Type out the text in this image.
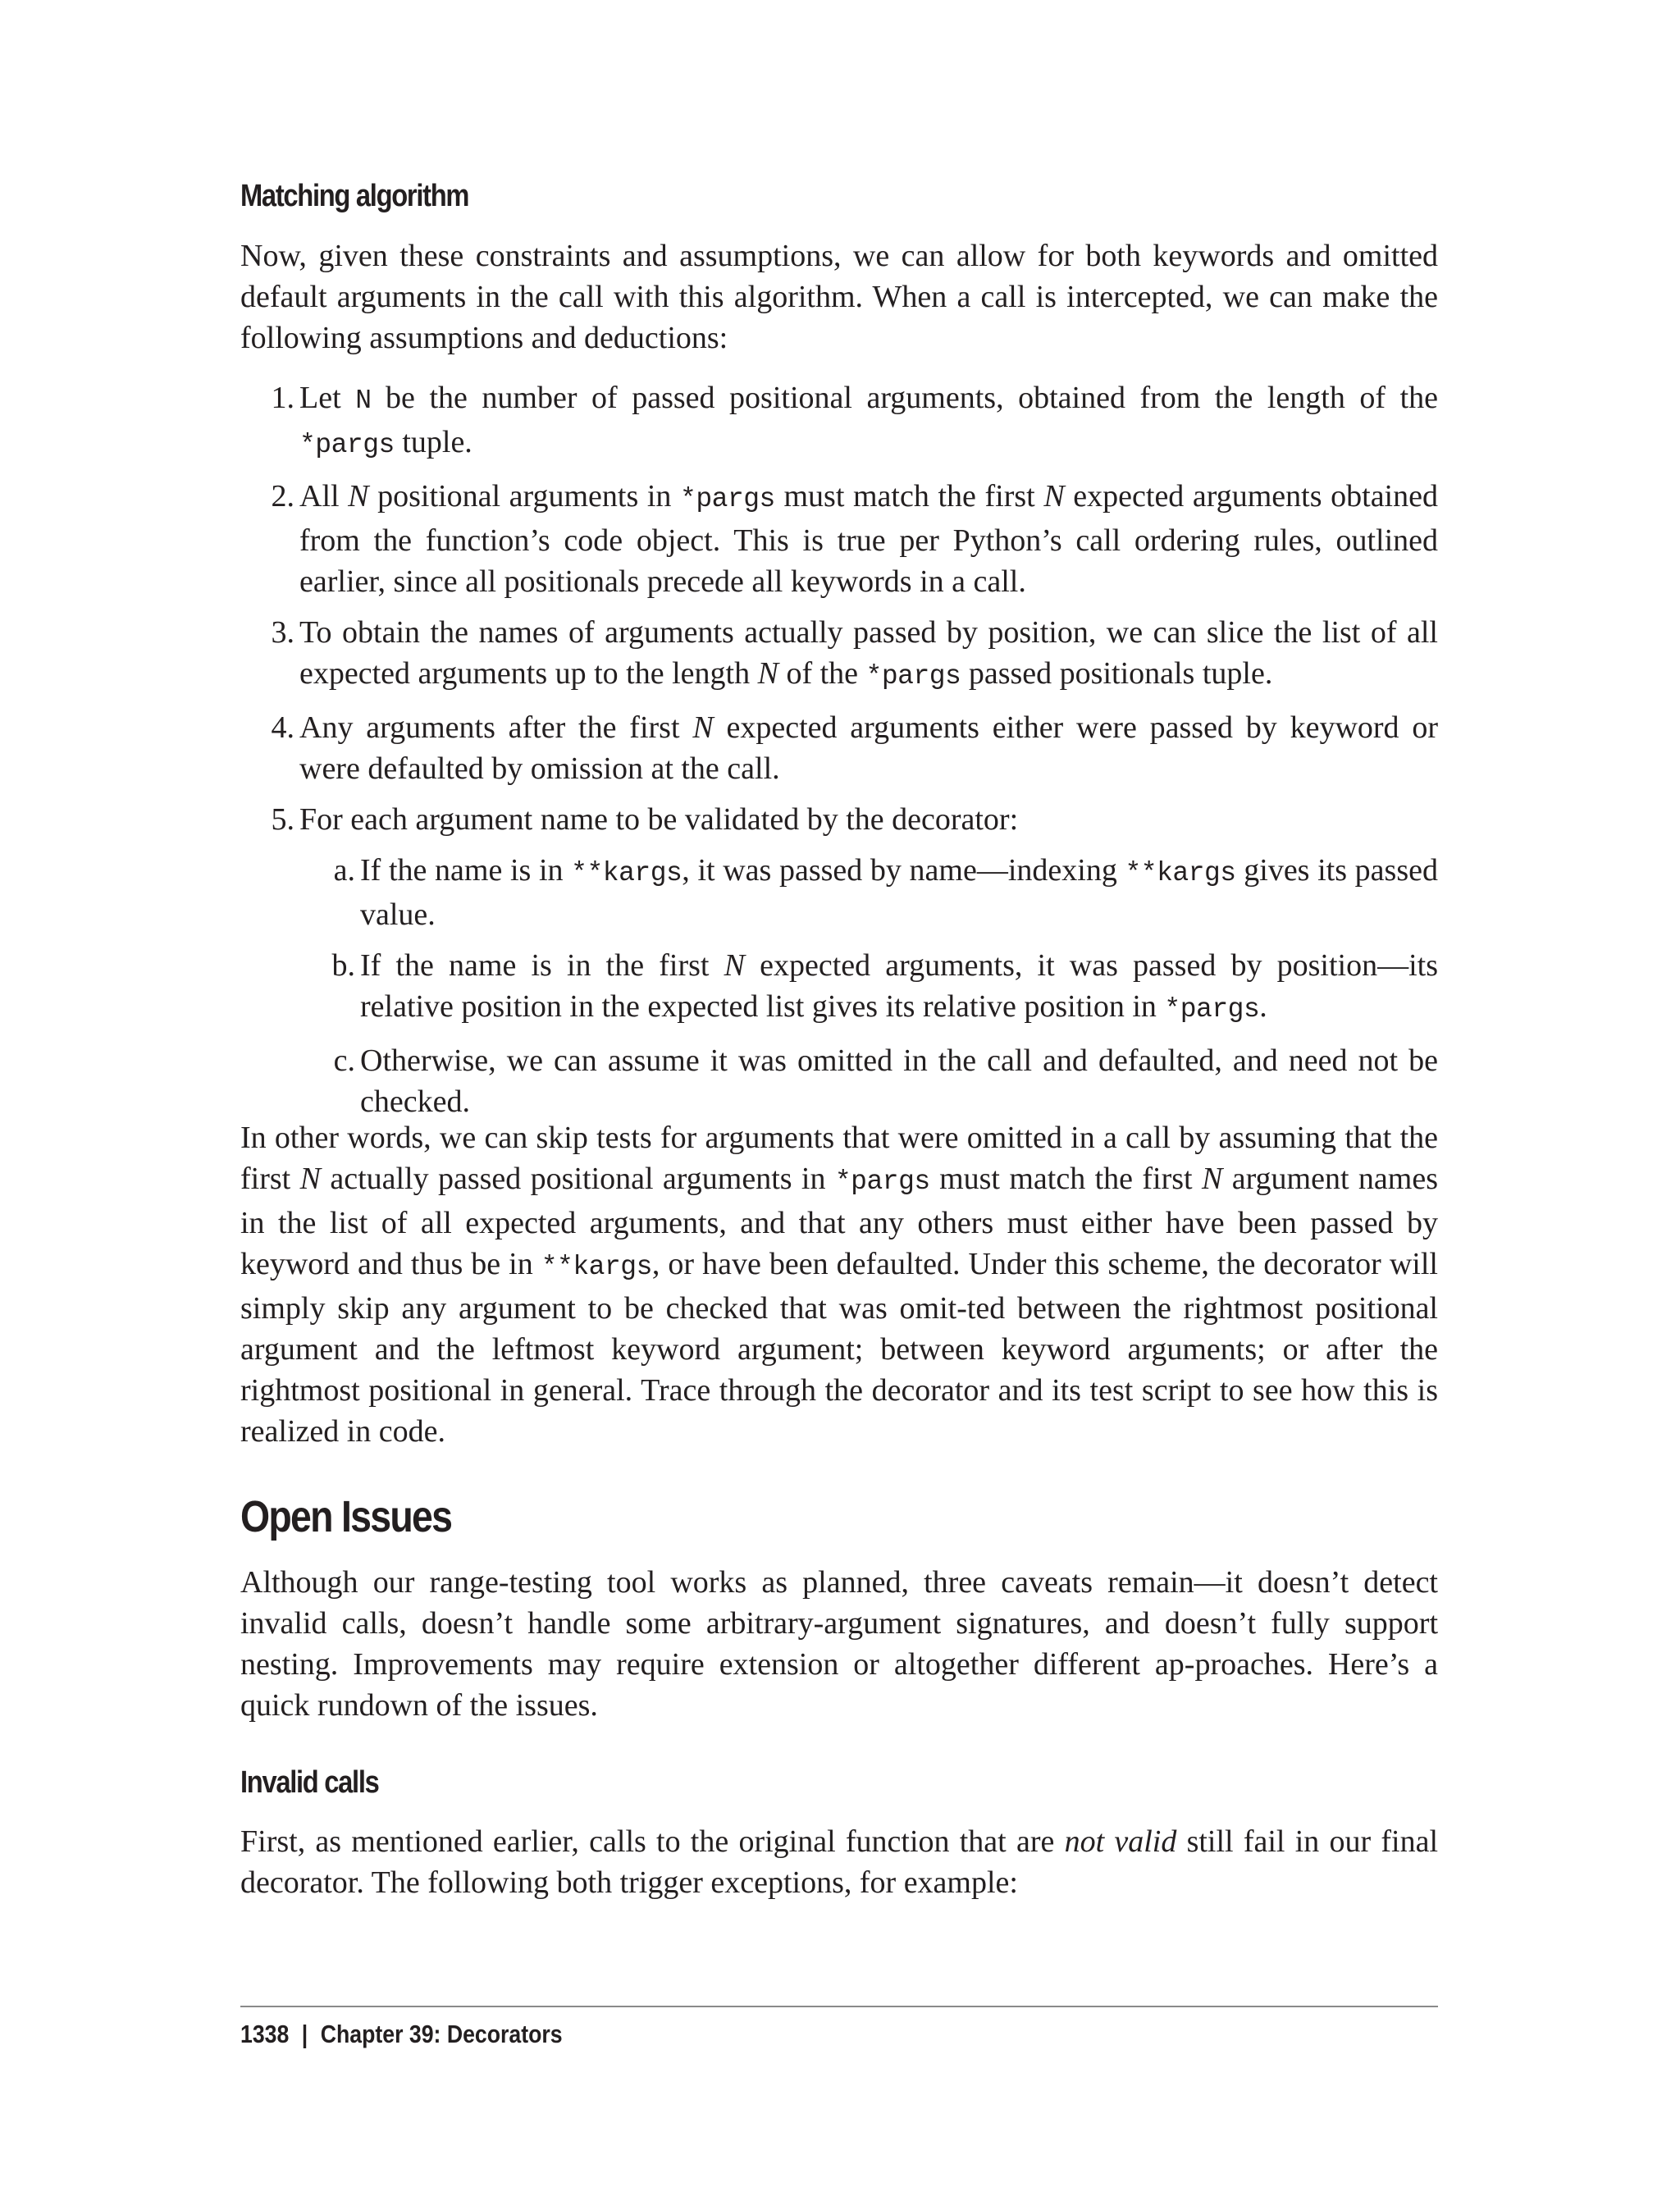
Matching algorithm
Now, given these constraints and assumptions, we can allow for both keywords and omitted default arguments in the call with this algorithm. When a call is intercepted, we can make the following assumptions and deductions:
1. Let N be the number of passed positional arguments, obtained from the length of the *pargs tuple.
2. All N positional arguments in *pargs must match the first N expected arguments obtained from the function’s code object. This is true per Python’s call ordering rules, outlined earlier, since all positionals precede all keywords in a call.
3. To obtain the names of arguments actually passed by position, we can slice the list of all expected arguments up to the length N of the *pargs passed positionals tuple.
4. Any arguments after the first N expected arguments either were passed by keyword or were defaulted by omission at the call.
5. For each argument name to be validated by the decorator:
a. If the name is in **kargs, it was passed by name—indexing **kargs gives its passed value.
b. If the name is in the first N expected arguments, it was passed by position—its relative position in the expected list gives its relative position in *pargs.
c. Otherwise, we can assume it was omitted in the call and defaulted, and need not be checked.
In other words, we can skip tests for arguments that were omitted in a call by assuming that the first N actually passed positional arguments in *pargs must match the first N argument names in the list of all expected arguments, and that any others must either have been passed by keyword and thus be in **kargs, or have been defaulted. Under this scheme, the decorator will simply skip any argument to be checked that was omit-ted between the rightmost positional argument and the leftmost keyword argument; between keyword arguments; or after the rightmost positional in general. Trace through the decorator and its test script to see how this is realized in code.
Open Issues
Although our range-testing tool works as planned, three caveats remain—it doesn’t detect invalid calls, doesn’t handle some arbitrary-argument signatures, and doesn’t fully support nesting. Improvements may require extension or altogether different ap-proaches. Here’s a quick rundown of the issues.
Invalid calls
First, as mentioned earlier, calls to the original function that are not valid still fail in our final decorator. The following both trigger exceptions, for example:
1338 | Chapter 39: Decorators
